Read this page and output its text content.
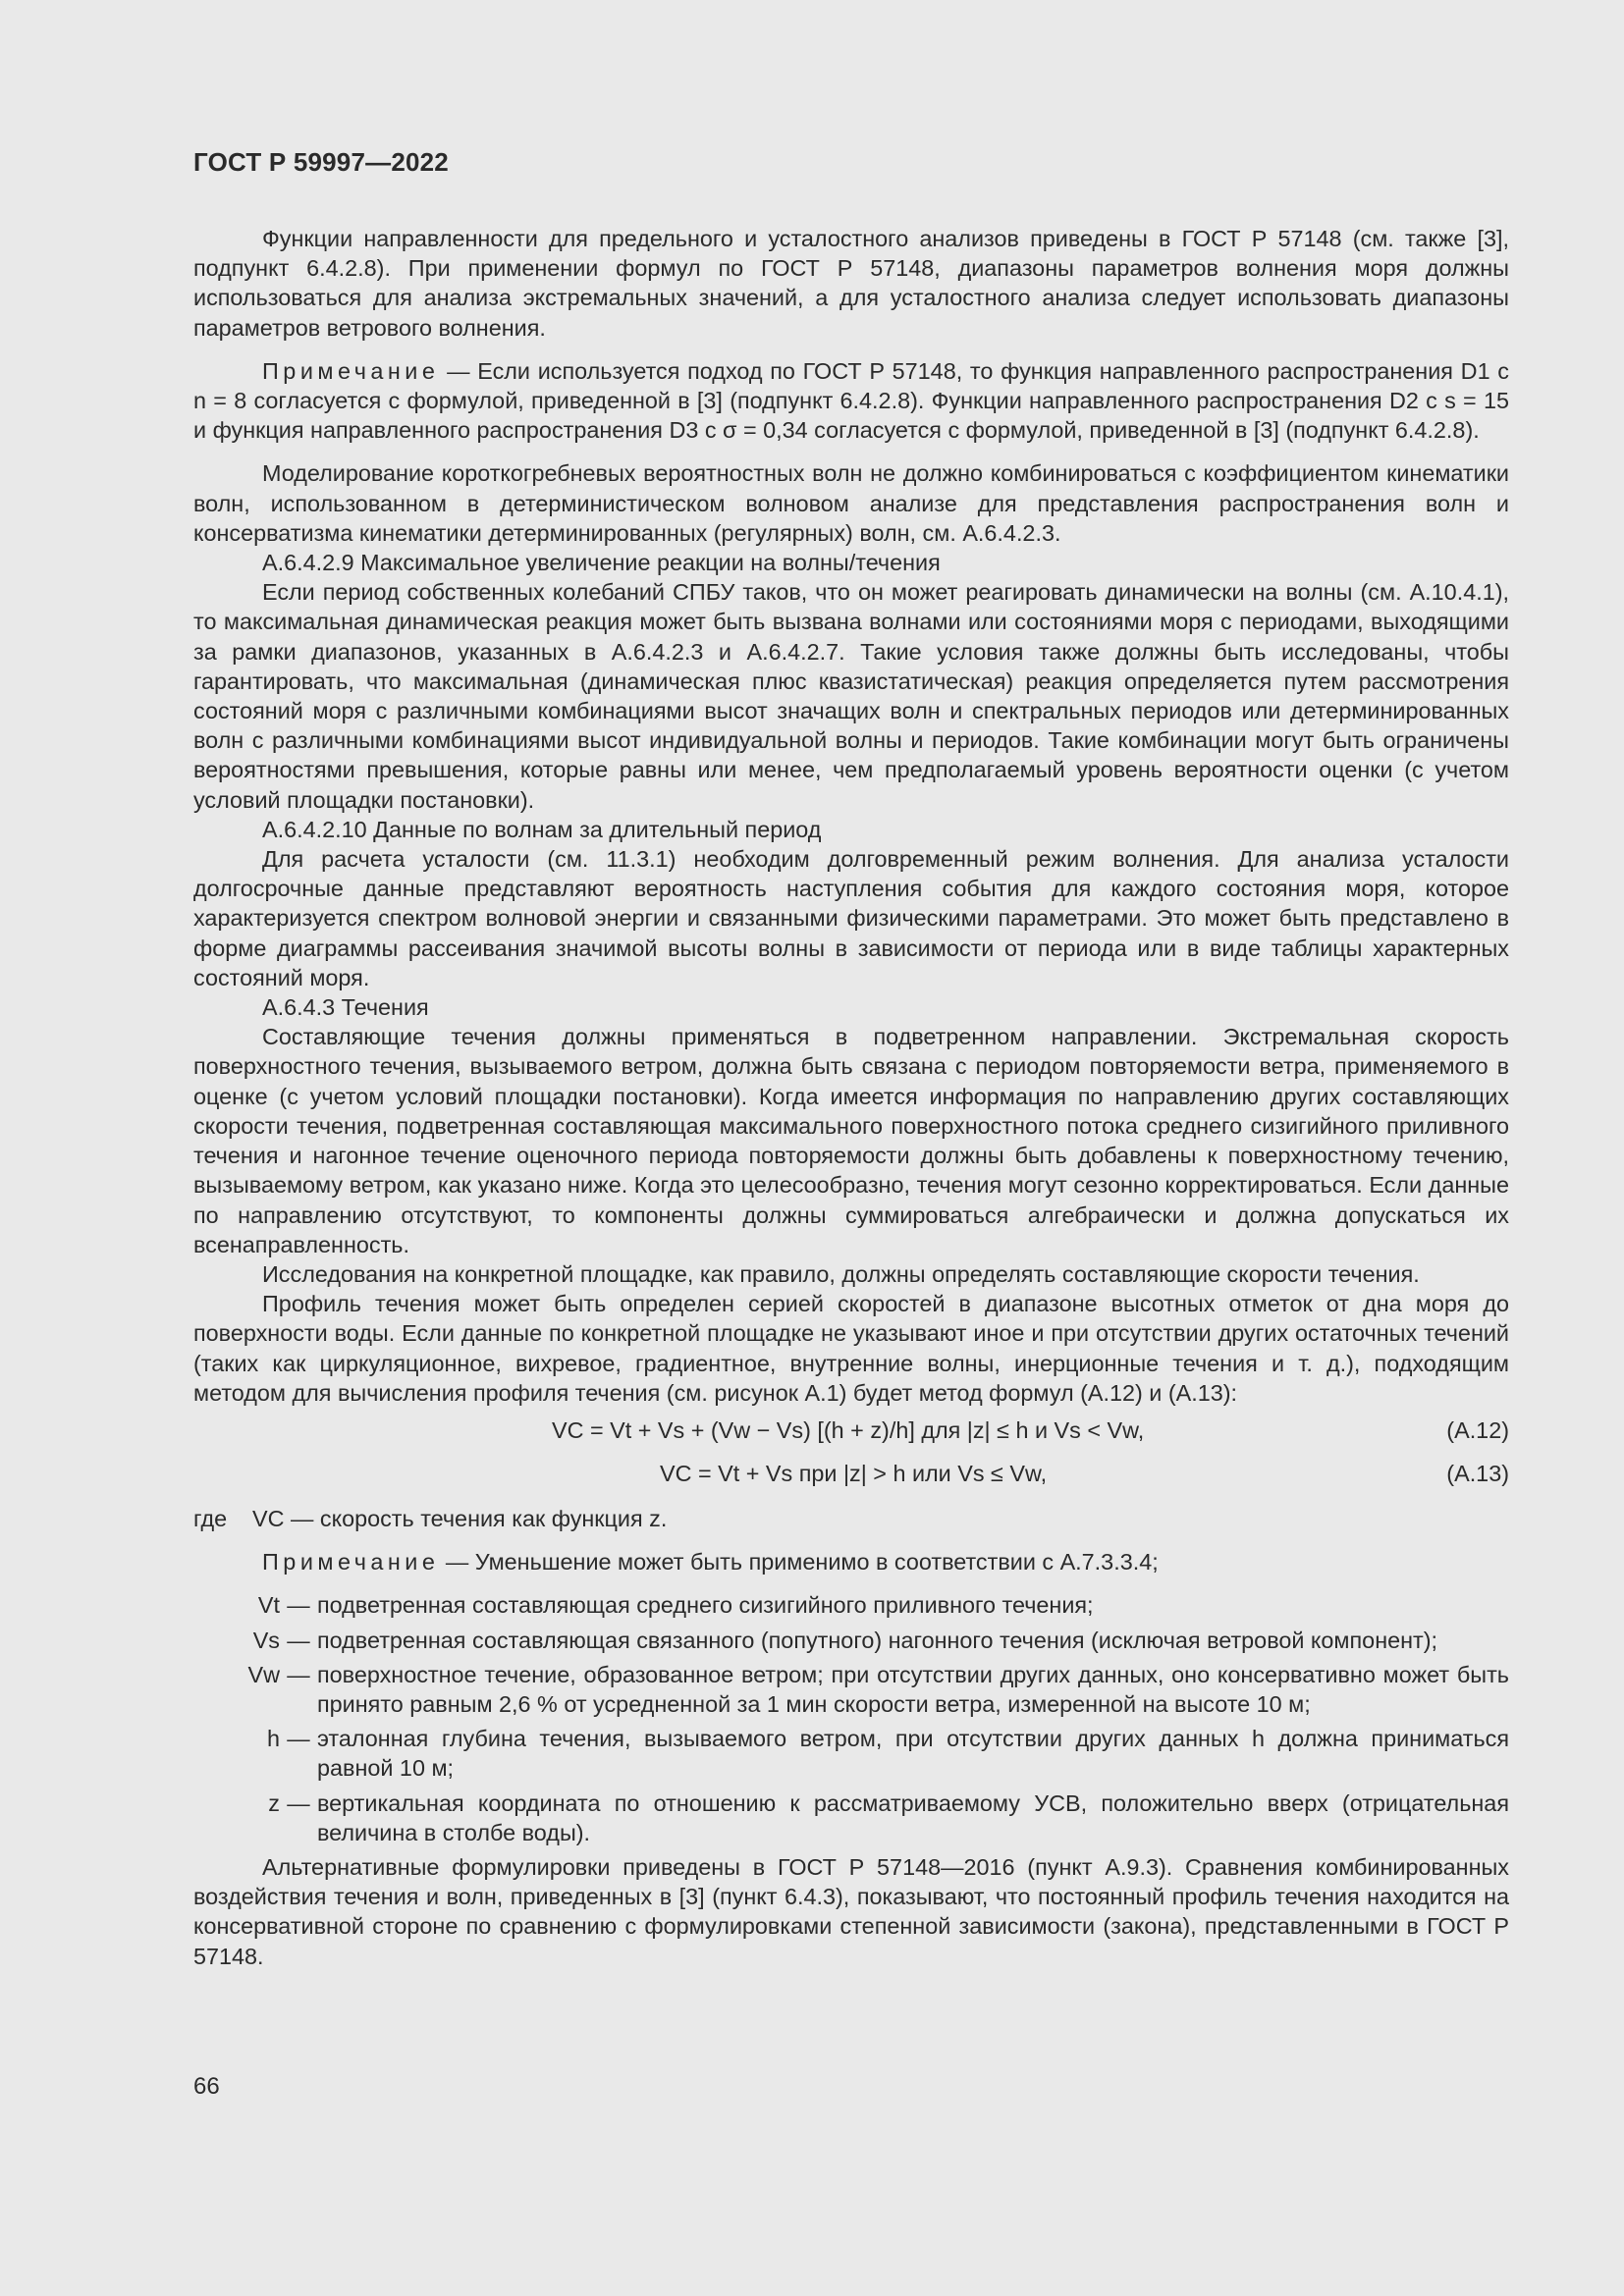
ГОСТ Р 59997—2022

Функции направленности для предельного и усталостного анализов приведены в ГОСТ Р 57148 (см. также [3], подпункт 6.4.2.8). При применении формул по ГОСТ Р 57148, диапазоны параметров волнения моря должны использоваться для анализа экстремальных значений, а для усталостного анализа следует использовать диапазоны параметров ветрового волнения.

Примечание — Если используется подход по ГОСТ Р 57148, то функция направленного распространения D1 с n = 8 согласуется с формулой, приведенной в [3] (подпункт 6.4.2.8). Функции направленного распространения D2 с s = 15 и функция направленного распространения D3 с σ = 0,34 согласуется с формулой, приведенной в [3] (подпункт 6.4.2.8).

Моделирование короткогребневых вероятностных волн не должно комбинироваться с коэффициентом кинематики волн, использованном в детерминистическом волновом анализе для представления распространения волн и консерватизма кинематики детерминированных (регулярных) волн, см. А.6.4.2.3.

А.6.4.2.9 Максимальное увеличение реакции на волны/течения

Если период собственных колебаний СПБУ таков, что он может реагировать динамически на волны (см. А.10.4.1), то максимальная динамическая реакция может быть вызвана волнами или состояниями моря с периодами, выходящими за рамки диапазонов, указанных в А.6.4.2.3 и А.6.4.2.7. Такие условия также должны быть исследованы, чтобы гарантировать, что максимальная (динамическая плюс квазистатическая) реакция определяется путем рассмотрения состояний моря с различными комбинациями высот значащих волн и спектральных периодов или детерминированных волн с различными комбинациями высот индивидуальной волны и периодов. Такие комбинации могут быть ограничены вероятностями превышения, которые равны или менее, чем предполагаемый уровень вероятности оценки (с учетом условий площадки постановки).

А.6.4.2.10 Данные по волнам за длительный период

Для расчета усталости (см. 11.3.1) необходим долговременный режим волнения. Для анализа усталости долгосрочные данные представляют вероятность наступления события для каждого состояния моря, которое характеризуется спектром волновой энергии и связанными физическими параметрами. Это может быть представлено в форме диаграммы рассеивания значимой высоты волны в зависимости от периода или в виде таблицы характерных состояний моря.

А.6.4.3 Течения

Составляющие течения должны применяться в подветренном направлении. Экстремальная скорость поверхностного течения, вызываемого ветром, должна быть связана с периодом повторяемости ветра, применяемого в оценке (с учетом условий площадки постановки). Когда имеется информация по направлению других составляющих скорости течения, подветренная составляющая максимального поверхностного потока среднего сизигийного приливного течения и нагонное течение оценочного периода повторяемости должны быть добавлены к поверхностному течению, вызываемому ветром, как указано ниже. Когда это целесообразно, течения могут сезонно корректироваться. Если данные по направлению отсутствуют, то компоненты должны суммироваться алгебраически и должна допускаться их всенаправленность.

Исследования на конкретной площадке, как правило, должны определять составляющие скорости течения.

Профиль течения может быть определен серией скоростей в диапазоне высотных отметок от дна моря до поверхности воды. Если данные по конкретной площадке не указывают иное и при отсутствии других остаточных течений (таких как циркуляционное, вихревое, градиентное, внутренние волны, инерционные течения и т. д.), подходящим методом для вычисления профиля течения (см. рисунок А.1) будет метод формул (А.12) и (А.13):

VC = Vt + Vs + (Vw − Vs) [(h + z)/h] для |z| ≤ h и Vs < Vw,	(А.12)
VC = Vt + Vs при |z| > h или Vs ≤ Vw,	(А.13)
где VC — скорость течения как функция z.

Примечание — Уменьшение может быть применимо в соответствии с А.7.3.3.4;

Vt — подветренная составляющая среднего сизигийного приливного течения;
Vs — подветренная составляющая связанного (попутного) нагонного течения (исключая ветровой компонент);
Vw — поверхностное течение, образованное ветром; при отсутствии других данных, оно консервативно может быть принято равным 2,6 % от усредненной за 1 мин скорости ветра, измеренной на высоте 10 м;
h — эталонная глубина течения, вызываемого ветром, при отсутствии других данных h должна приниматься равной 10 м;
z — вертикальная координата по отношению к рассматриваемому УСВ, положительно вверх (отрицательная величина в столбе воды).

Альтернативные формулировки приведены в ГОСТ Р 57148—2016 (пункт А.9.3). Сравнения комбинированных воздействия течения и волн, приведенных в [3] (пункт 6.4.3), показывают, что постоянный профиль течения находится на консервативной стороне по сравнению с формулировками степенной зависимости (закона), представленными в ГОСТ Р 57148.

66
